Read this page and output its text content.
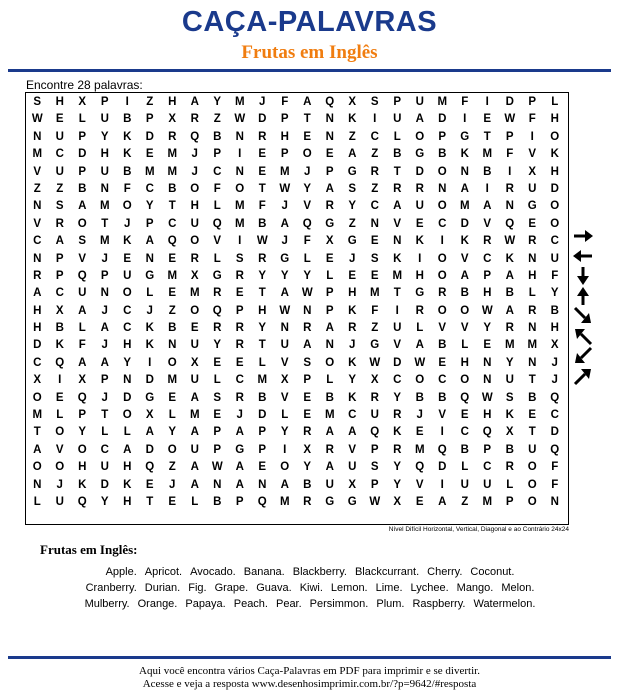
CAÇA-PALAVRAS
Frutas em Inglês

Encontre 28 palavras:

S	H	X	P	I	Z	H	A	Y	M	J	F	A	Q	X	S	P	U	M	F	I	D	P	L
W	E	L	U	B	P	X	R	Z	W	D	P	T	N	K	I	U	A	D	I	E	W	F	H
N	U	P	Y	K	D	R	Q	B	N	R	H	E	N	Z	C	L	O	P	G	T	P	I	O
M	C	D	H	K	E	M	J	P	I	E	P	O	E	A	Z	B	G	B	K	M	F	V	K
V	U	P	U	B	M	M	J	C	N	E	M	J	P	G	R	T	D	O	N	B	I	X	H
Z	Z	B	N	F	C	B	O	F	O	T	W	Y	A	S	Z	R	R	N	A	I	R	U	D
N	S	A	M	O	Y	T	H	L	M	F	J	V	R	Y	C	A	U	O	M	A	N	G	O
V	R	O	T	J	P	C	U	Q	M	B	A	Q	G	Z	N	V	E	C	D	V	Q	E	O
C	A	S	M	K	A	Q	O	V	I	W	J	F	X	G	E	N	K	I	K	R	W	R	C
N	P	V	J	E	N	E	R	L	S	R	G	L	E	J	S	K	I	O	V	C	K	N	U
R	P	Q	P	U	G	M	X	G	R	Y	Y	Y	L	E	E	M	H	O	A	P	A	H	F
A	C	U	N	O	L	E	M	R	E	T	A	W	P	H	M	T	G	R	B	H	B	L	Y
H	X	A	J	C	J	Z	O	Q	P	H	W	N	P	K	F	I	R	O	O	W	A	R	B
H	B	L	A	C	K	B	E	R	R	Y	N	R	A	R	Z	U	L	V	V	Y	R	N	H
D	K	F	J	H	K	N	U	Y	R	T	U	A	N	J	G	V	A	B	L	E	M	M	X
C	Q	A	A	Y	I	O	X	E	E	L	V	S	O	K	W	D	W	E	H	N	Y	N	J
X	I	X	P	N	D	M	U	L	C	M	X	P	L	Y	X	C	O	C	O	N	U	T	J
O	E	Q	J	D	G	E	A	S	R	B	V	E	B	K	R	Y	B	B	Q	W	S	B	Q
M	L	P	T	O	X	L	M	E	J	D	L	E	M	C	U	R	J	V	E	H	K	E	C
T	O	Y	L	L	A	Y	A	P	A	P	Y	R	A	A	Q	K	E	I	C	Q	X	T	D
A	V	O	C	A	D	O	U	P	G	P	I	X	R	V	P	R	M	Q	B	P	B	U	Q
O	O	H	U	H	Q	Z	A	W	A	E	O	Y	A	U	S	Y	Q	D	L	C	R	O	F
N	J	K	D	K	E	J	A	N	A	N	A	B	U	X	P	Y	V	I	U	U	L	O	F
L	U	Q	Y	H	T	E	L	B	P	Q	M	R	G	G	W	X	E	A	Z	M	P	O	N

Nível Difícil Horizontal, Vertical, Diagonal e ao Contrário 24x24

Frutas em Inglês:

Apple. Apricot. Avocado. Banana. Blackberry. Blackcurrant. Cherry. Coconut.
Cranberry. Durian. Fig. Grape. Guava. Kiwi. Lemon. Lime. Lychee. Mango. Melon.
Mulberry. Orange. Papaya. Peach. Pear. Persimmon. Plum. Raspberry. Watermelon.
Aqui você encontra vários Caça-Palavras em PDF para imprimir e se divertir.
Acesse e veja a resposta www.desenhosimprimir.com.br/?p=9642/#resposta
